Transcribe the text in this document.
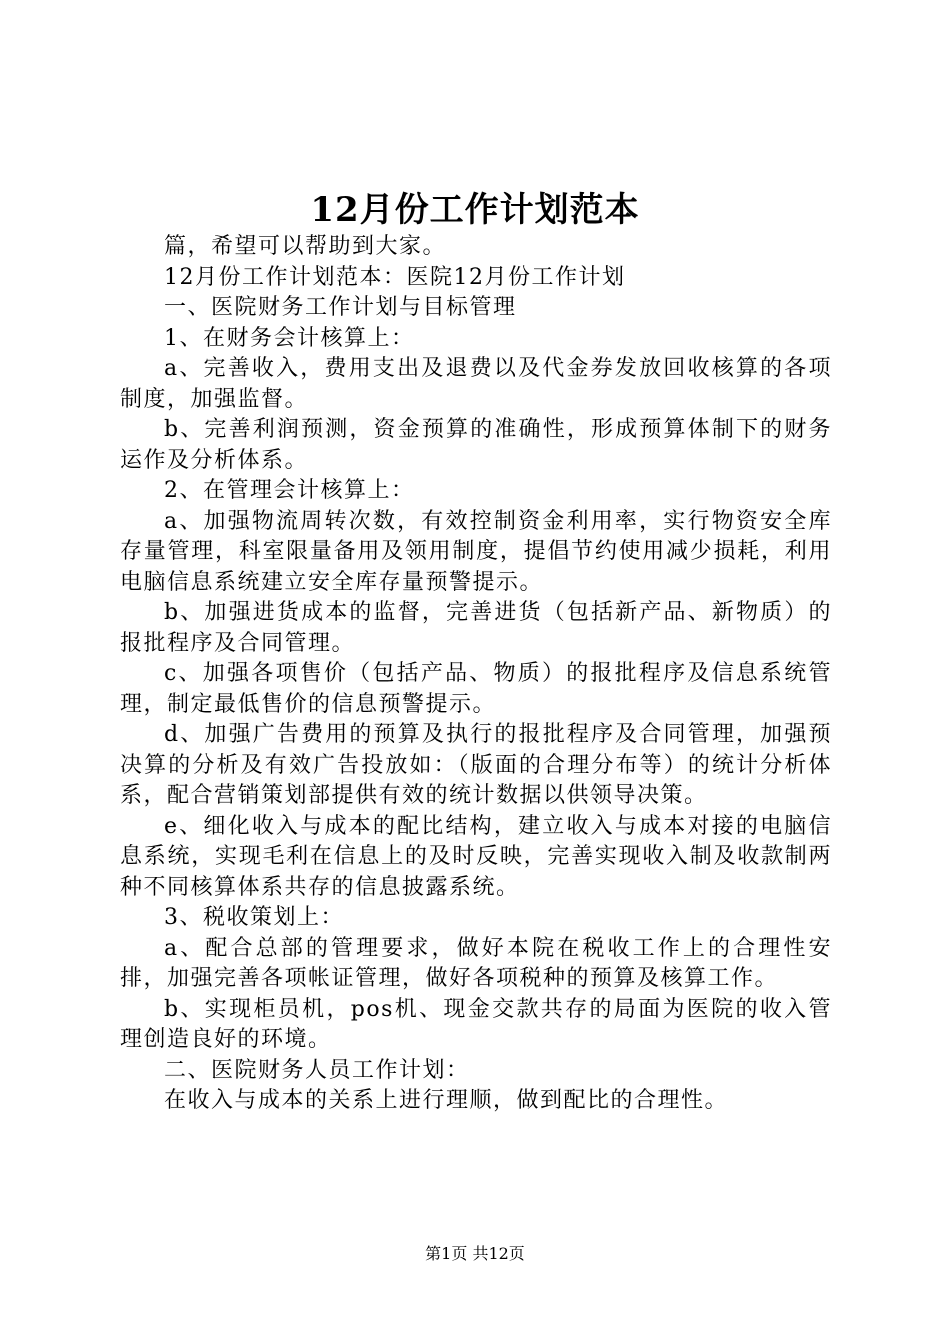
12月份工作计划范本

篇，希望可以帮助到大家。

12月份工作计划范本：医院12月份工作计划

一、医院财务工作计划与目标管理

1、在财务会计核算上：

a、完善收入，费用支出及退费以及代金券发放回收核算的各项制度，加强监督。

b、完善利润预测，资金预算的准确性，形成预算体制下的财务运作及分析体系。

2、在管理会计核算上：

a、加强物流周转次数，有效控制资金利用率，实行物资安全库存量管理，科室限量备用及领用制度，提倡节约使用减少损耗，利用电脑信息系统建立安全库存量预警提示。

b、加强进货成本的监督，完善进货（包括新产品、新物质）的报批程序及合同管理。

c、加强各项售价（包括产品、物质）的报批程序及信息系统管理，制定最低售价的信息预警提示。

d、加强广告费用的预算及执行的报批程序及合同管理，加强预决算的分析及有效广告投放如：（版面的合理分布等）的统计分析体系，配合营销策划部提供有效的统计数据以供领导决策。

e、细化收入与成本的配比结构，建立收入与成本对接的电脑信息系统，实现毛利在信息上的及时反映，完善实现收入制及收款制两种不同核算体系共存的信息披露系统。

3、税收策划上：

a、配合总部的管理要求，做好本院在税收工作上的合理性安排，加强完善各项帐证管理，做好各项税种的预算及核算工作。

b、实现柜员机，pos机、现金交款共存的局面为医院的收入管理创造良好的环境。

二、医院财务人员工作计划：

在收入与成本的关系上进行理顺，做到配比的合理性。

第1页 共12页
